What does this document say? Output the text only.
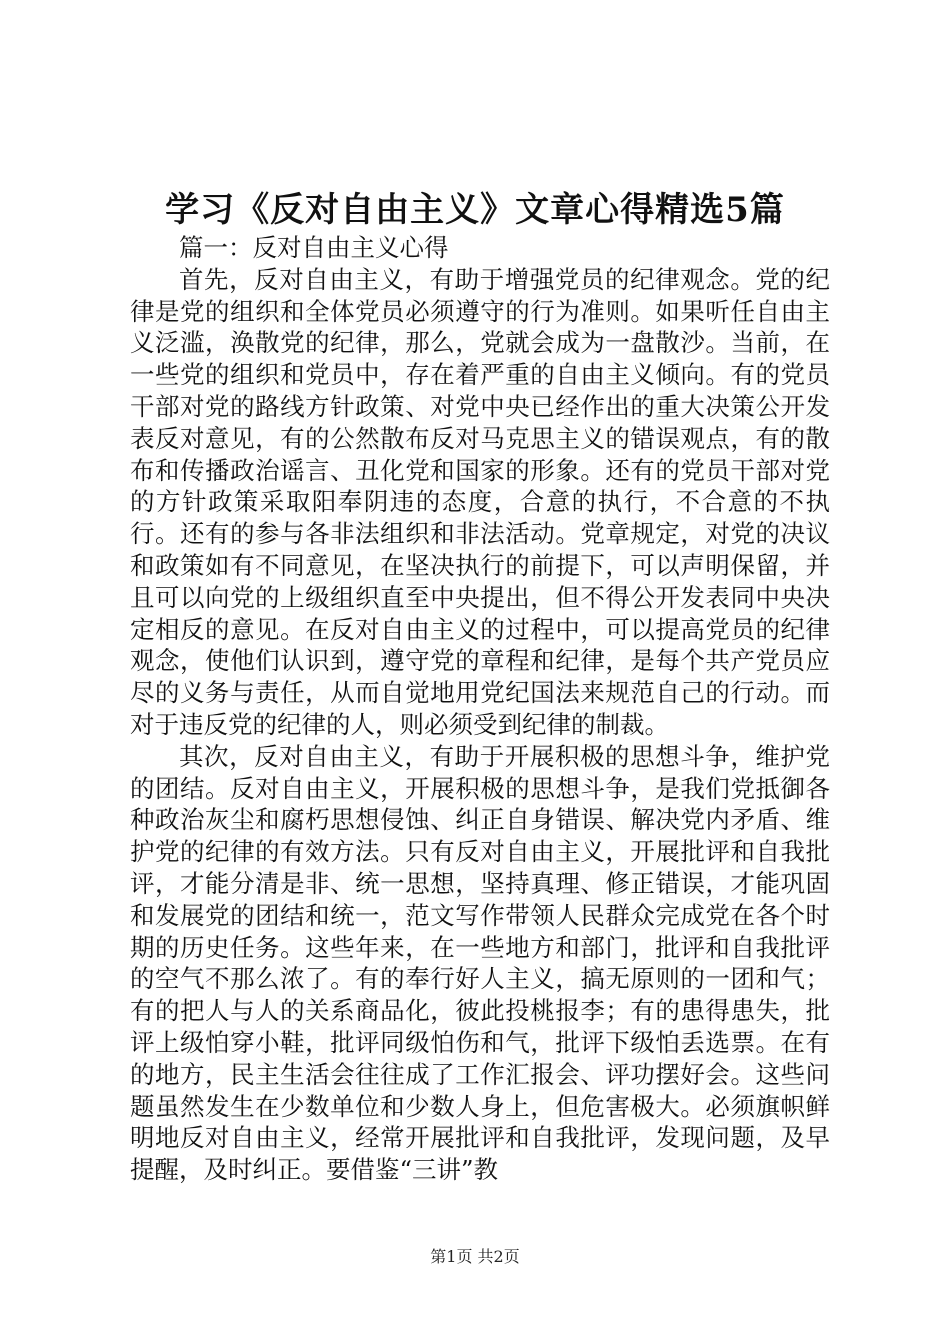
学习《反对自由主义》文章心得精选5篇

篇一：反对自由主义心得

首先，反对自由主义，有助于增强党员的纪律观念。党的纪律是党的组织和全体党员必须遵守的行为准则。如果听任自由主义泛滥，涣散党的纪律，那么，党就会成为一盘散沙。当前，在一些党的组织和党员中，存在着严重的自由主义倾向。有的党员干部对党的路线方针政策、对党中央已经作出的重大决策公开发表反对意见，有的公然散布反对马克思主义的错误观点，有的散布和传播政治谣言、丑化党和国家的形象。还有的党员干部对党的方针政策采取阳奉阴违的态度，合意的执行，不合意的不执行。还有的参与各非法组织和非法活动。党章规定，对党的决议和政策如有不同意见，在坚决执行的前提下，可以声明保留，并且可以向党的上级组织直至中央提出，但不得公开发表同中央决定相反的意见。在反对自由主义的过程中，可以提高党员的纪律观念，使他们认识到，遵守党的章程和纪律，是每个共产党员应尽的义务与责任，从而自觉地用党纪国法来规范自己的行动。而对于违反党的纪律的人，则必须受到纪律的制裁。

其次，反对自由主义，有助于开展积极的思想斗争，维护党的团结。反对自由主义，开展积极的思想斗争，是我们党抵御各种政治灰尘和腐朽思想侵蚀、纠正自身错误、解决党内矛盾、维护党的纪律的有效方法。只有反对自由主义，开展批评和自我批评，才能分清是非、统一思想，坚持真理、修正错误，才能巩固和发展党的团结和统一，范文写作带领人民群众完成党在各个时期的历史任务。这些年来，在一些地方和部门，批评和自我批评的空气不那么浓了。有的奉行好人主义，搞无原则的一团和气；有的把人与人的关系商品化，彼此投桃报李；有的患得患失，批评上级怕穿小鞋，批评同级怕伤和气，批评下级怕丢选票。在有的地方，民主生活会往往成了工作汇报会、评功摆好会。这些问题虽然发生在少数单位和少数人身上，但危害极大。必须旗帜鲜明地反对自由主义，经常开展批评和自我批评，发现问题，及早提醒，及时纠正。要借鉴“三讲”教

第1页 共2页
